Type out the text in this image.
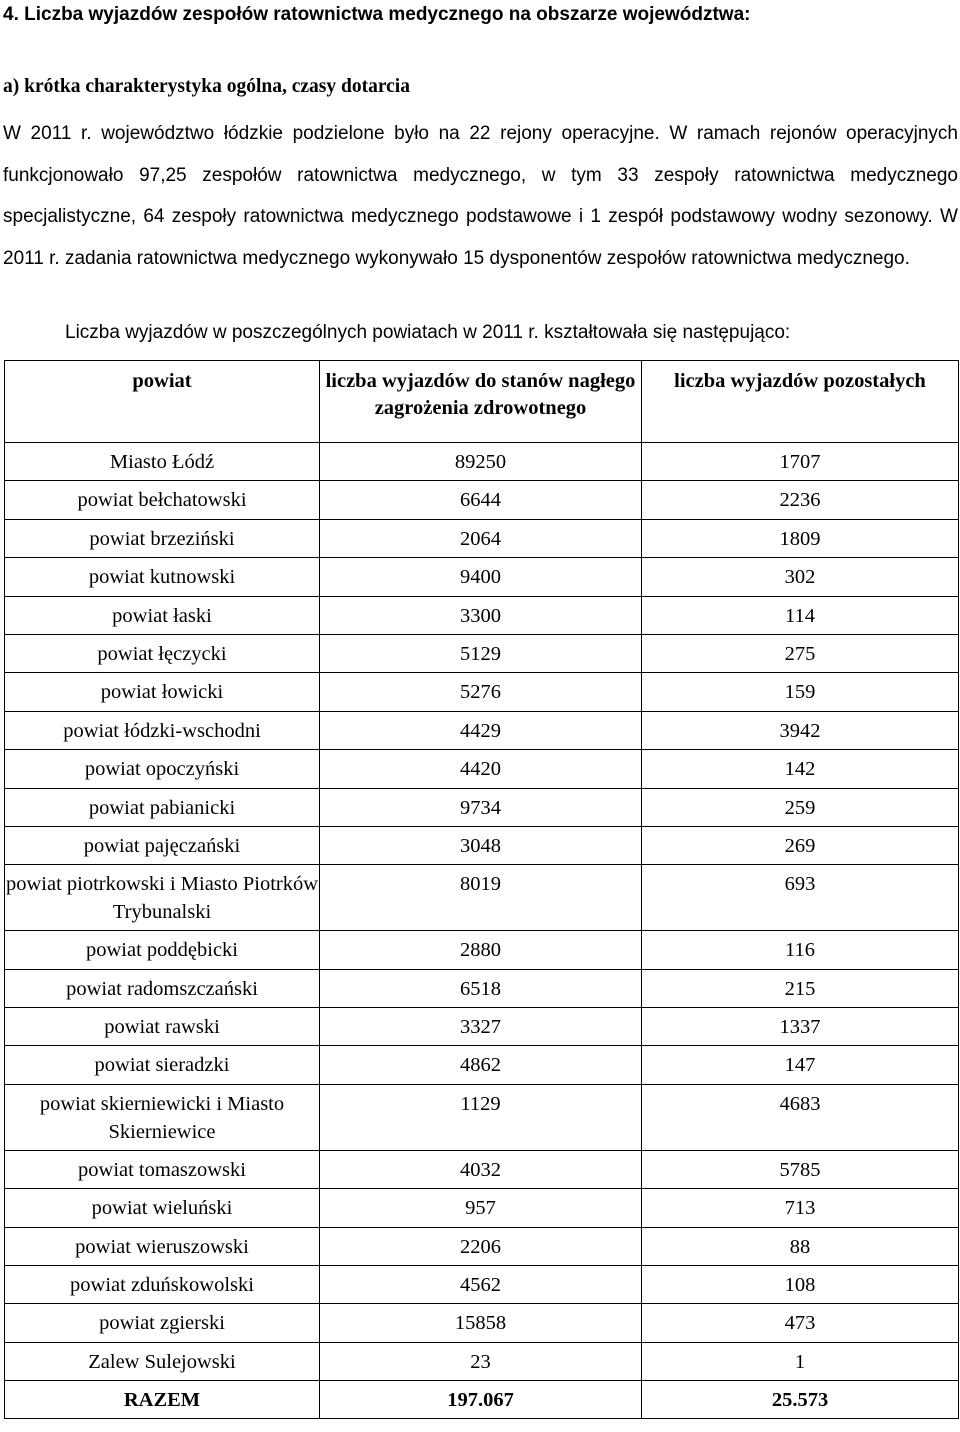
4. Liczba wyjazdów zespołów ratownictwa medycznego na obszarze województwa:
a) krótka charakterystyka ogólna, czasy dotarcia

W 2011 r. województwo łódzkie podzielone było na 22 rejony operacyjne. W ramach rejonów operacyjnych funkcjonowało 97,25 zespołów ratownictwa medycznego, w tym 33 zespoły ratownictwa medycznego specjalistyczne, 64 zespoły ratownictwa medycznego podstawowe i 1 zespół podstawowy wodny sezonowy. W 2011 r. zadania ratownictwa medycznego wykonywało 15 dysponentów zespołów ratownictwa medycznego.

Liczba wyjazdów w poszczególnych powiatach w 2011 r. kształtowała się następująco:
powiat	liczba wyjazdów do stanów nagłego zagrożenia zdrowotnego	liczba wyjazdów pozostałych
Miasto Łódź	89250	1707
powiat bełchatowski	6644	2236
powiat brzeziński	2064	1809
powiat kutnowski	9400	302
powiat łaski	3300	114
powiat łęczycki	5129	275
powiat łowicki	5276	159
powiat łódzki-wschodni	4429	3942
powiat opoczyński	4420	142
powiat pabianicki	9734	259
powiat pajęczański	3048	269
powiat piotrkowski i Miasto Piotrków Trybunalski	8019	693
powiat poddębicki	2880	116
powiat radomszczański	6518	215
powiat rawski	3327	1337
powiat sieradzki	4862	147
powiat skierniewicki i Miasto Skierniewice	1129	4683
powiat tomaszowski	4032	5785
powiat wieluński	957	713
powiat wieruszowski	2206	88
powiat zduńskowolski	4562	108
powiat zgierski	15858	473
Zalew Sulejowski	23	1
RAZEM	197.067	25.573
